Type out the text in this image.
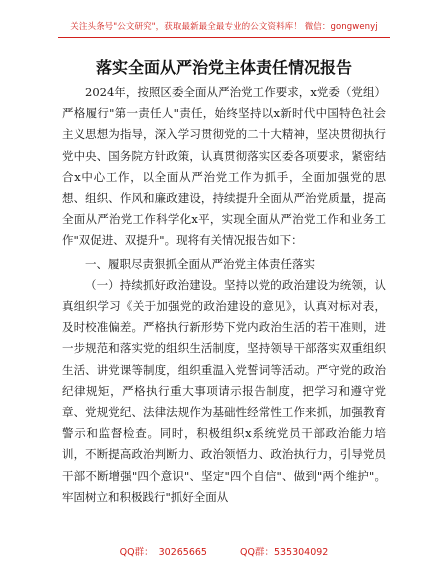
关注头条号"公文研究"，获取最新最全最专业的公文资料库！ 微信：gongwenyj
落实全面从严治党主体责任情况报告

2024年，按照区委全面从严治党工作要求，x党委（党组）严格履行"第一责任人"责任，始终坚持以x新时代中国特色社会主义思想为指导，深入学习贯彻党的二十大精神，坚决贯彻执行党中央、国务院方针政策，认真贯彻落实区委各项要求，紧密结合x中心工作，以全面从严治党工作为抓手，全面加强党的思想、组织、作风和廉政建设，持续提升全面从严治党质量，提高全面从严治党工作科学化x平，实现全面从严治党工作和业务工作"双促进、双提升"。现将有关情况报告如下：

一、履职尽责狠抓全面从严治党主体责任落实

（一）持续抓好政治建设。坚持以党的政治建设为统领，认真组织学习《关于加强党的政治建设的意见》，认真对标对表，及时校准偏差。严格执行新形势下党内政治生活的若干准则，进一步规范和落实党的组织生活制度，坚持领导干部落实双重组织生活、讲党课等制度，组织重温入党誓词等活动。严守党的政治纪律规矩，严格执行重大事项请示报告制度，把学习和遵守党章、党规党纪、法律法规作为基础性经常性工作来抓，加强教育警示和监督检查。同时，积极组织x系统党员干部政治能力培训，不断提高政治判断力、政治领悟力、政治执行力，引导党员干部不断增强"四个意识"、坚定"四个自信"、做到"两个维护"。牢固树立和积极践行"抓好全面从

QQ群： 30265665	QQ群：535304092
